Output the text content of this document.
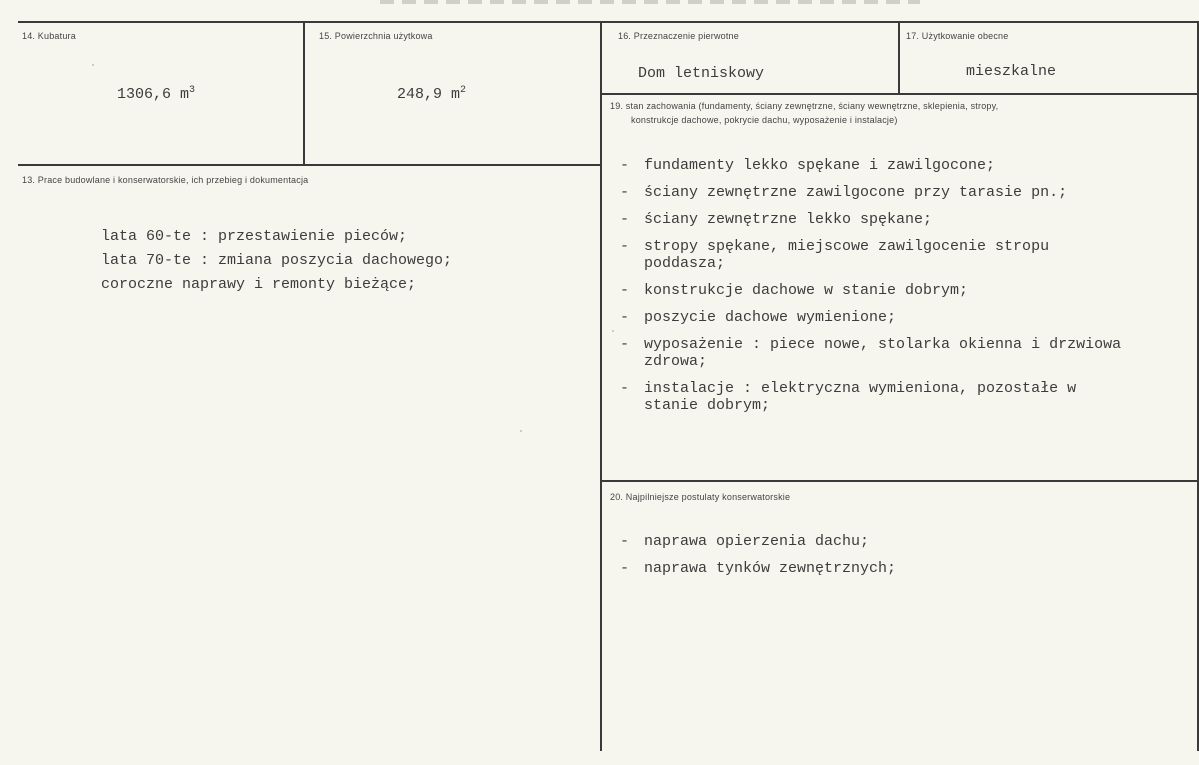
14. Kubatura
1306,6 $m^3$
15. Powierzchnia użytkowa
248,9 $m^2$
16. Przeznaczenie pierwotne
Dom letniskowy
17. Użytkowanie obecne
mieszkalne
13. Prace budowlane i konserwatorskie, ich przebieg i dokumentacja
lata 60-te : przestawienie pieców;
lata 70-te : zmiana poszycia dachowego;
coroczne naprawy i remonty bieżące;
19. stan zachowania (fundamenty, ściany zewnętrzne, ściany wewnętrzne, sklepienia, stropy,
konstrukcje dachowe, pokrycie dachu, wyposażenie i instalacje)
- fundamenty lekko spękane i zawilgocone;
- ściany zewnętrzne zawilgocone przy tarasie pn.;
- ściany zewnętrzne lekko spękane;
- stropy spękane, miejscowe zawilgocenie stropu poddasza;
- konstrukcje dachowe w stanie dobrym;
- poszycie dachowe wymienione;
- wyposażenie : piece nowe, stolarka okienna i drzwiowa zdrowa;
- instalacje : elektryczna wymieniona, pozostałe w stanie dobrym;
20. Najpilniejsze postulaty konserwatorskie
- naprawa opierzenia dachu;
- naprawa tynków zewnętrznych;
